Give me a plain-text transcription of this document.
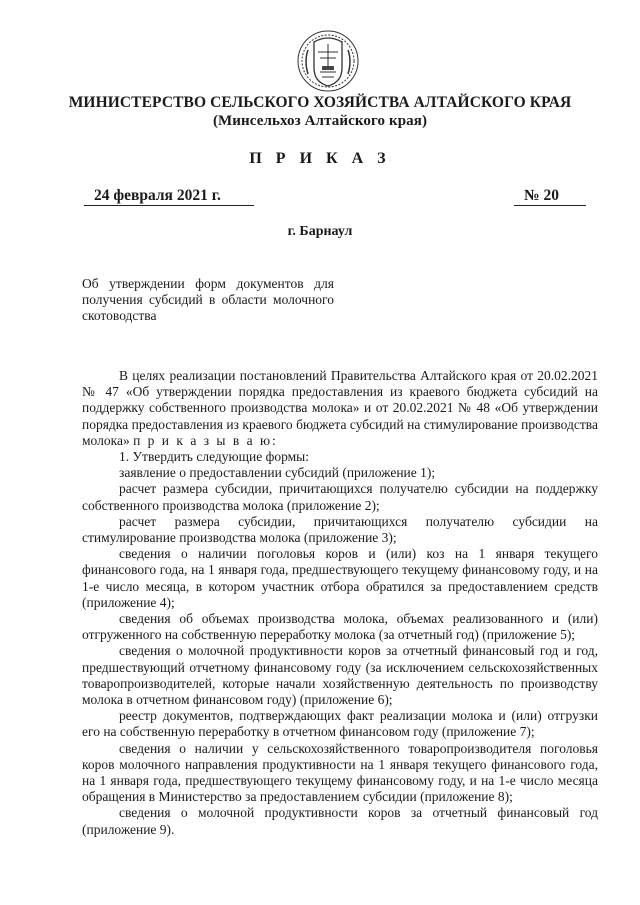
МИНИСТЕРСТВО СЕЛЬСКОГО ХОЗЯЙСТВА АЛТАЙСКОГО КРАЯ
(Минсельхоз Алтайского края)
П Р И К А З
24 февраля 2021 г.	№ 20
г. Барнаул
Об утверждении форм документов для получения субсидий в области молочного скотоводства

В целях реализации постановлений Правительства Алтайского края от 20.02.2021 № 47 «Об утверждении порядка предоставления из краевого бюджета субсидий на поддержку собственного производства молока» и от 20.02.2021 № 48 «Об утверждении порядка предоставления из краевого бюджета субсидий на стимулирование производства молока» п р и к а з ы в а ю:

1. Утвердить следующие формы:

заявление о предоставлении субсидий (приложение 1);

расчет размера субсидии, причитающихся получателю субсидии на поддержку собственного производства молока (приложение 2);

расчет размера субсидии, причитающихся получателю субсидии на стимулирование производства молока (приложение 3);

сведения о наличии поголовья коров и (или) коз на 1 января текущего финансового года, на 1 января года, предшествующего текущему финансовому году, и на 1-е число месяца, в котором участник отбора обратился за предоставлением средств (приложение 4);

сведения об объемах производства молока, объемах реализованного и (или) отгруженного на собственную переработку молока (за отчетный год) (приложение 5);

сведения о молочной продуктивности коров за отчетный финансовый год и год, предшествующий отчетному финансовому году (за исключением сельскохозяйственных товаропроизводителей, которые начали хозяйственную деятельность по производству молока в отчетном финансовом году) (приложение 6);

реестр документов, подтверждающих факт реализации молока и (или) отгрузки его на собственную переработку в отчетном финансовом году (приложение 7);

сведения о наличии у сельскохозяйственного товаропроизводителя поголовья коров молочного направления продуктивности на 1 января текущего финансового года, на 1 января года, предшествующего текущему финансовому году, и на 1-е число месяца обращения в Министерство за предоставлением субсидии (приложение 8);

сведения о молочной продуктивности коров за отчетный финансовый год (приложение 9).
